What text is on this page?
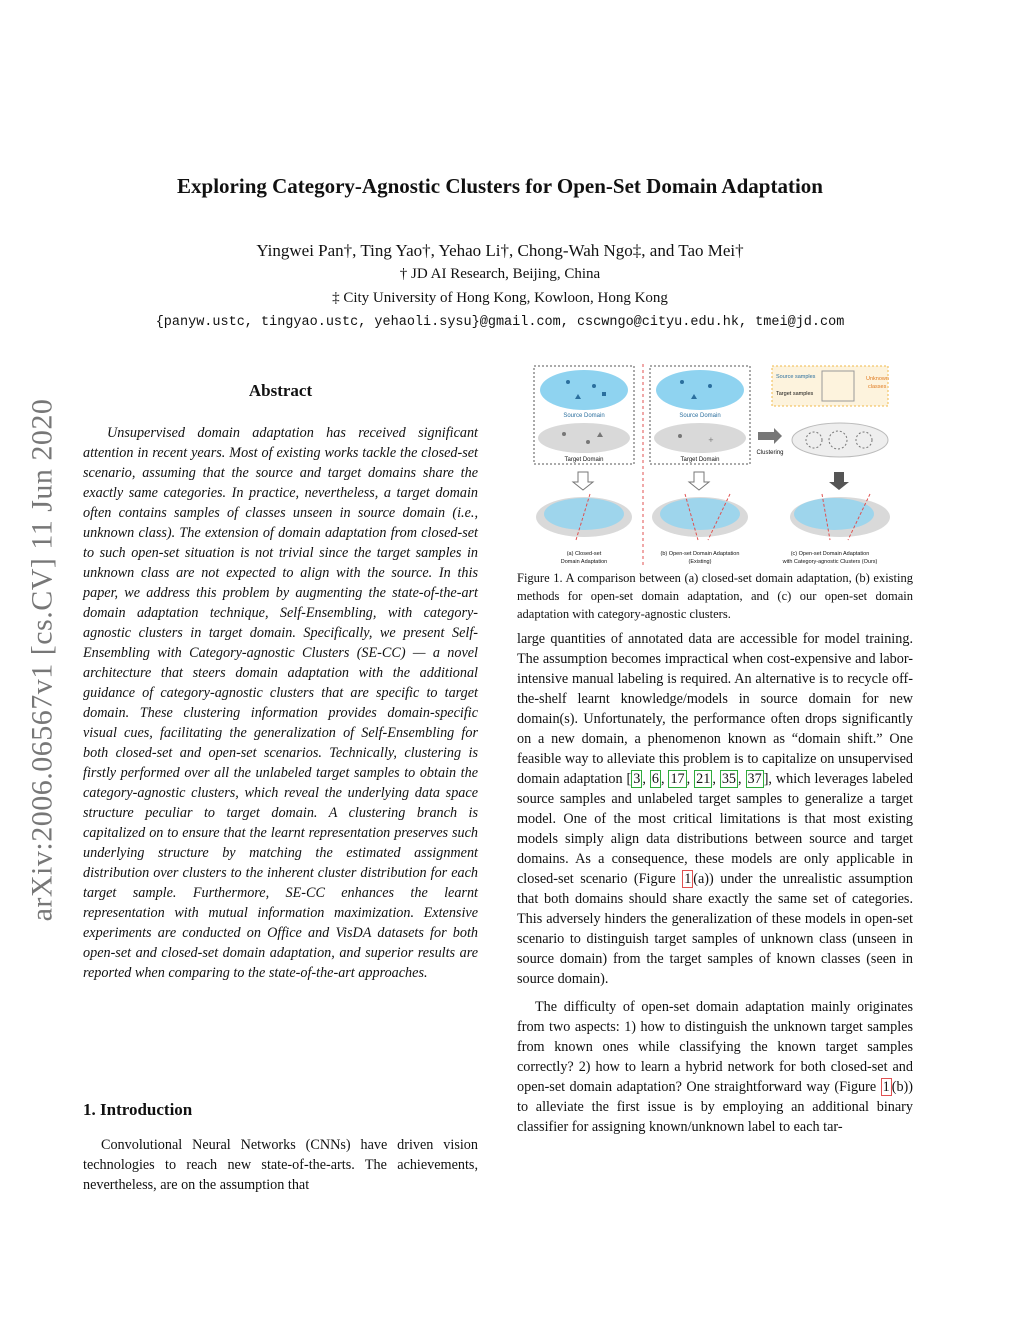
arXiv:2006.06567v1 [cs.CV] 11 Jun 2020
Exploring Category-Agnostic Clusters for Open-Set Domain Adaptation
Yingwei Pan†, Ting Yao†, Yehao Li†, Chong-Wah Ngo‡, and Tao Mei†
† JD AI Research, Beijing, China
‡ City University of Hong Kong, Kowloon, Hong Kong
{panyw.ustc, tingyao.ustc, yehaoli.sysu}@gmail.com, cscwngo@cityu.edu.hk, tmei@jd.com
Abstract

Unsupervised domain adaptation has received significant attention in recent years. Most of existing works tackle the closed-set scenario, assuming that the source and target domains share the exactly same categories. In practice, nevertheless, a target domain often contains samples of classes unseen in source domain (i.e., unknown class). The extension of domain adaptation from closed-set to such open-set situation is not trivial since the target samples in unknown class are not expected to align with the source. In this paper, we address this problem by augmenting the state-of-the-art domain adaptation technique, Self-Ensembling, with category-agnostic clusters in target domain. Specifically, we present Self-Ensembling with Category-agnostic Clusters (SE-CC) — a novel architecture that steers domain adaptation with the additional guidance of category-agnostic clusters that are specific to target domain. These clustering information provides domain-specific visual cues, facilitating the generalization of Self-Ensembling for both closed-set and open-set scenarios. Technically, clustering is firstly performed over all the unlabeled target samples to obtain the category-agnostic clusters, which reveal the underlying data space structure peculiar to target domain. A clustering branch is capitalized on to ensure that the learnt representation preserves such underlying structure by matching the estimated assignment distribution over clusters to the inherent cluster distribution for each target sample. Furthermore, SE-CC enhances the learnt representation with mutual information maximization. Extensive experiments are conducted on Office and VisDA datasets for both open-set and closed-set domain adaptation, and superior results are reported when comparing to the state-of-the-art approaches.

1. Introduction

Convolutional Neural Networks (CNNs) have driven vision technologies to reach new state-of-the-arts. The achievements, nevertheless, are on the assumption that

Source Domain
Target Domain
Source Domain
+
Target Domain
Clustering
Source samples
Target samples
Unknown
classes
(a) Closed-set
Domain Adaptation
(b) Open-set Domain Adaptation
(Existing)
(c) Open-set Domain Adaptation
with Category-agnostic Clusters (Ours)
Figure 1. A comparison between (a) closed-set domain adaptation, (b) existing methods for open-set domain adaptation, and (c) our open-set domain adaptation with category-agnostic clusters.

large quantities of annotated data are accessible for model training. The assumption becomes impractical when cost-expensive and labor-intensive manual labeling is required. An alternative is to recycle off-the-shelf learnt knowledge/models in source domain for new domain(s). Unfortunately, the performance often drops significantly on a new domain, a phenomenon known as “domain shift.” One feasible way to alleviate this problem is to capitalize on unsupervised domain adaptation [ 3 , 6 , 17 , 21 , 35 , 37 ], which leverages labeled source samples and unlabeled target samples to generalize a target model. One of the most critical limitations is that most existing models simply align data distributions between source and target domains. As a consequence, these models are only applicable in closed-set scenario (Figure 1 (a)) under the unrealistic assumption that both domains should share exactly the same set of categories. This adversely hinders the generalization of these models in open-set scenario to distinguish target samples of unknown class (unseen in source domain) from the target samples of known classes (seen in source domain).

The difficulty of open-set domain adaptation mainly originates from two aspects: 1) how to distinguish the unknown target samples from known ones while classifying the known target samples correctly? 2) how to learn a hybrid network for both closed-set and open-set domain adaptation? One straightforward way (Figure 1 (b)) to alleviate the first issue is by employing an additional binary classifier for assigning known/unknown label to each tar-
